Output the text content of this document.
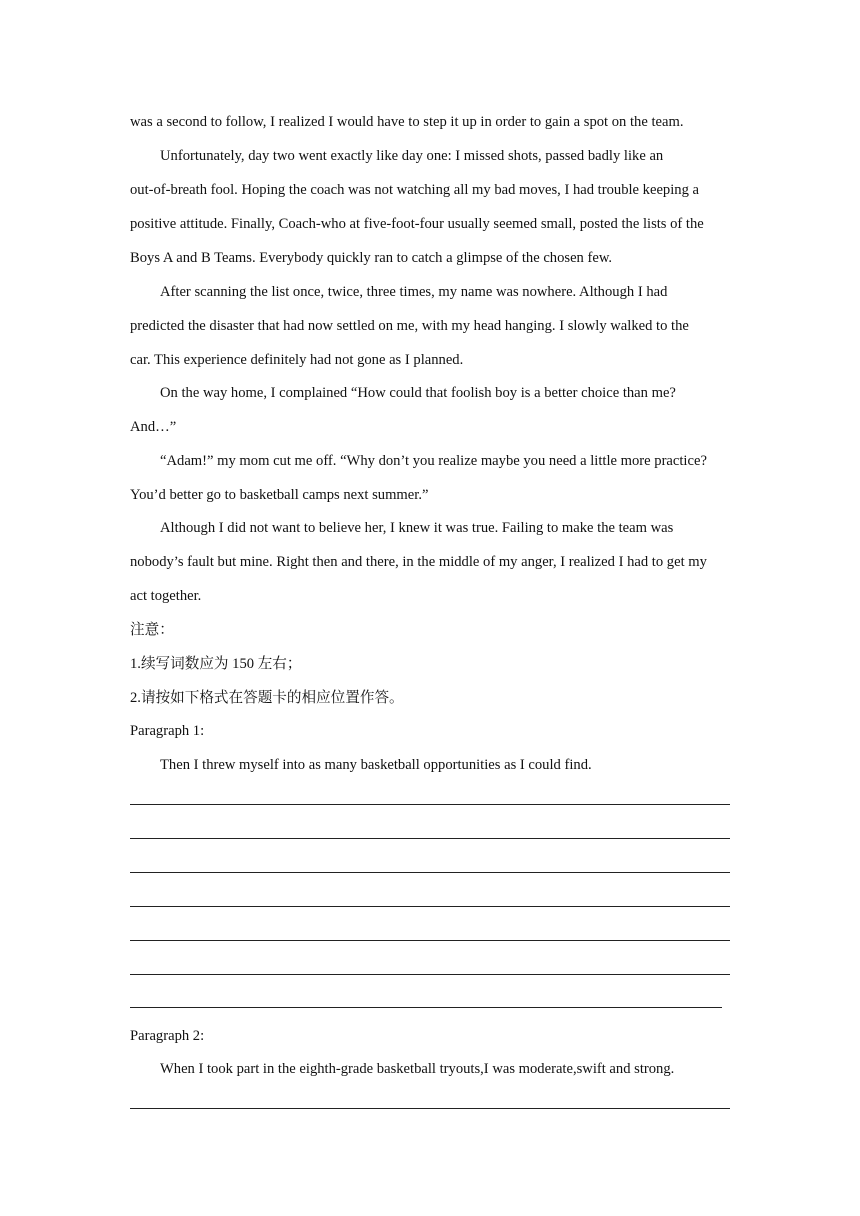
was a second to follow, I realized I would have to step it up in order to gain a spot on the team.
Unfortunately, day two went exactly like day one: I missed shots, passed badly like an
out-of-breath fool. Hoping the coach was not watching all my bad moves, I had trouble keeping a
positive attitude. Finally, Coach-who at five-foot-four usually seemed small, posted the lists of the
Boys A and B Teams. Everybody quickly ran to catch a glimpse of the chosen few.
After scanning the list once, twice, three times, my name was nowhere. Although I had
predicted the disaster that had now settled on me, with my head hanging. I slowly walked to the
car. This experience definitely had not gone as I planned.
On the way home, I complained “How could that foolish boy is a better choice than me?
And…”
“Adam!” my mom cut me off. “Why don’t you realize maybe you need a little more practice?
You’d better go to basketball camps next summer.”
Although I did not want to believe her, I knew it was true. Failing to make the team was
nobody’s fault but mine. Right then and there, in the middle of my anger, I realized I had to get my
act together.
注意：
1.续写词数应为 150 左右；
2.请按如下格式在答题卡的相应位置作答。
Paragraph 1:
Then I threw myself into as many basketball opportunities as I could find.
Paragraph 2:
When I took part in the eighth-grade basketball tryouts,I was moderate,swift and strong.
